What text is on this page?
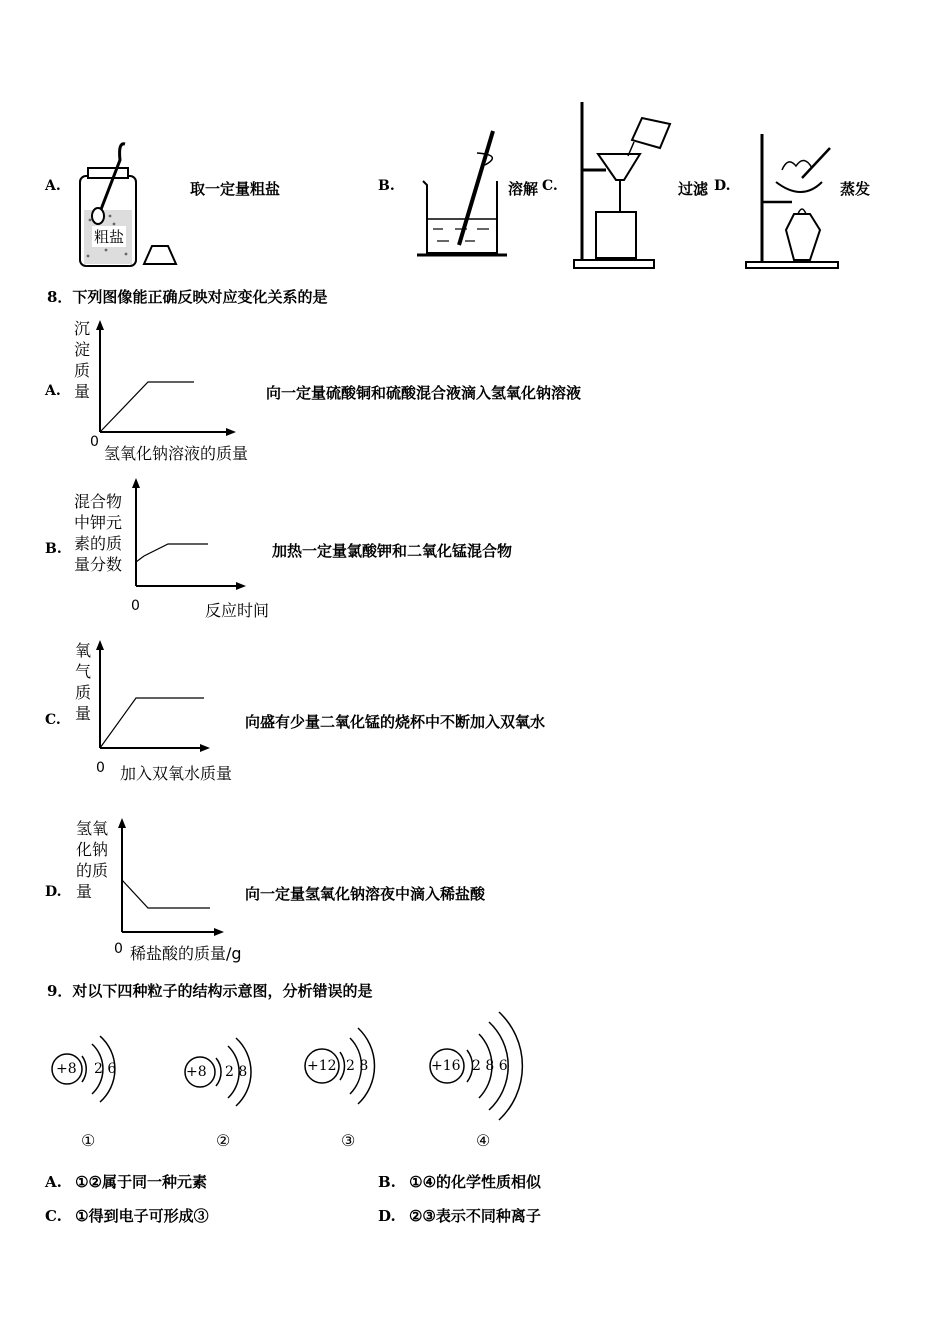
A.
粗盐
取一定量粗盐	B.	溶解 C.	过滤 D.	蒸发
8．下列图像能正确反映对应变化关系的是
A.
沉
淀
质
量
0
氢氧化钠溶液的质量
向一定量硫酸铜和硫酸混合液滴入氢氧化钠溶液
B.
混合物
中钾元
素的质
量分数
0	反应时间
加热一定量氯酸钾和二氧化锰混合物
C.
氧
气
质
量
0 加入双氧水质量
向盛有少量二氧化锰的烧杯中不断加入双氧水
D.
氢氧
化钠
的质
量
0 稀盐酸的质量/g
向一定量氢氧化钠溶夜中滴入稀盐酸
9．对以下四种粒子的结构示意图，分析错误的是
+8 2 6
①
+8 2 8
②
+12 2 8
③
+16 2 8 6
④
A. ①②属于同一种元素	B. ①④的化学性质相似
C. ①得到电子可形成③	D. ②③表示不同种离子
